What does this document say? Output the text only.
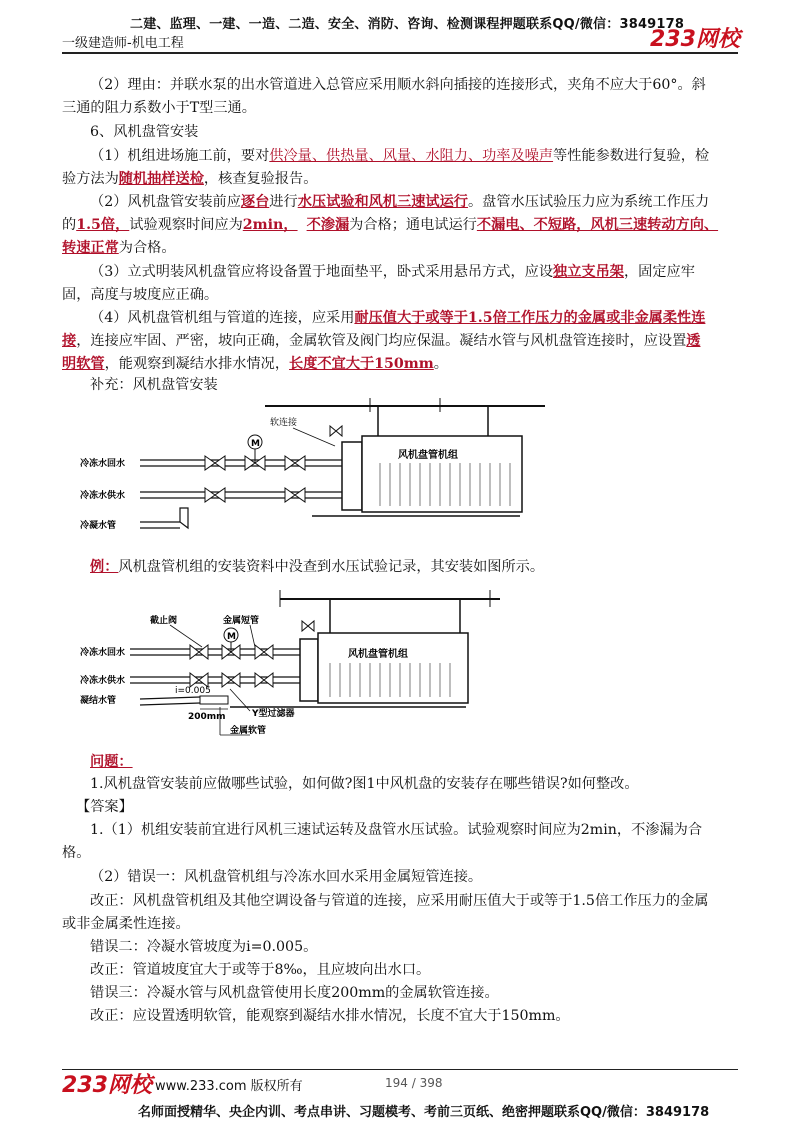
二建、监理、一建、一造、二造、安全、消防、咨询、检测课程押题联系QQ/微信：3849178
一级建造师-机电工程	233网校
（2）理由：并联水泵的出水管道进入总管应采用顺水斜向插接的连接形式，夹角不应大于60°。斜

三通的阻力系数小于T型三通。
6、风机盘管安装
（1）机组进场施工前，要对供冷量、供热量、风量、水阻力、功率及噪声等性能参数进行复验，检
验方法为随机抽样送检，核查复验报告。
（2）风机盘管安装前应逐台进行水压试验和风机三速试运行。盘管水压试验压力应为系统工作压力
的1.5倍，试验观察时间应为2min， 不渗漏为合格；通电试运行不漏电、不短路，风机三速转动方向、
转速正常为合格。
（3）立式明装风机盘管应将设备置于地面垫平，卧式采用悬吊方式，应设独立支吊架，固定应牢
固，高度与坡度应正确。
（4）风机盘管机组与管道的连接，应采用耐压值大于或等于1.5倍工作压力的金属或非金属柔性连
接，连接应牢固、严密，坡向正确，金属软管及阀门均应保温。凝结水管与风机盘管连接时，应设置透
明软管，能观察到凝结水排水情况，长度不宜大于150mm。
补充：风机盘管安装
软连接
风机盘管机组
冷冻水回水
M
冷冻水供水
冷凝水管
例：风机盘管机组的安装资料中没查到水压试验记录，其安装如图所示。
截止阀	金属短管
风机盘管机组
冷冻水回水
M
冷冻水供水
凝结水管
i=0.005
200mm	Y型过滤器
金属软管
问题：
1.风机盘管安装前应做哪些试验，如何做?图1中风机盘的安装存在哪些错误?如何整改。
【答案】
1.（1）机组安装前宜进行风机三速试运转及盘管水压试验。试验观察时间应为2min，不渗漏为合
格。
（2）错误一：风机盘管机组与冷冻水回水采用金属短管连接。
改正：风机盘管机组及其他空调设备与管道的连接，应采用耐压值大于或等于1.5倍工作压力的金属
或非金属柔性连接。
错误二：冷凝水管坡度为i=0.005。
改正：管道坡度宜大于或等于8‰，且应坡向出水口。
错误三：冷凝水管与风机盘管使用长度200mm的金属软管连接。
改正：应设置透明软管，能观察到凝结水排水情况，长度不宜大于150mm。
233网校 www.233.com 版权所有	194 / 398
名师面授精华、央企内训、考点串讲、习题模考、考前三页纸、绝密押题联系QQ/微信：3849178
